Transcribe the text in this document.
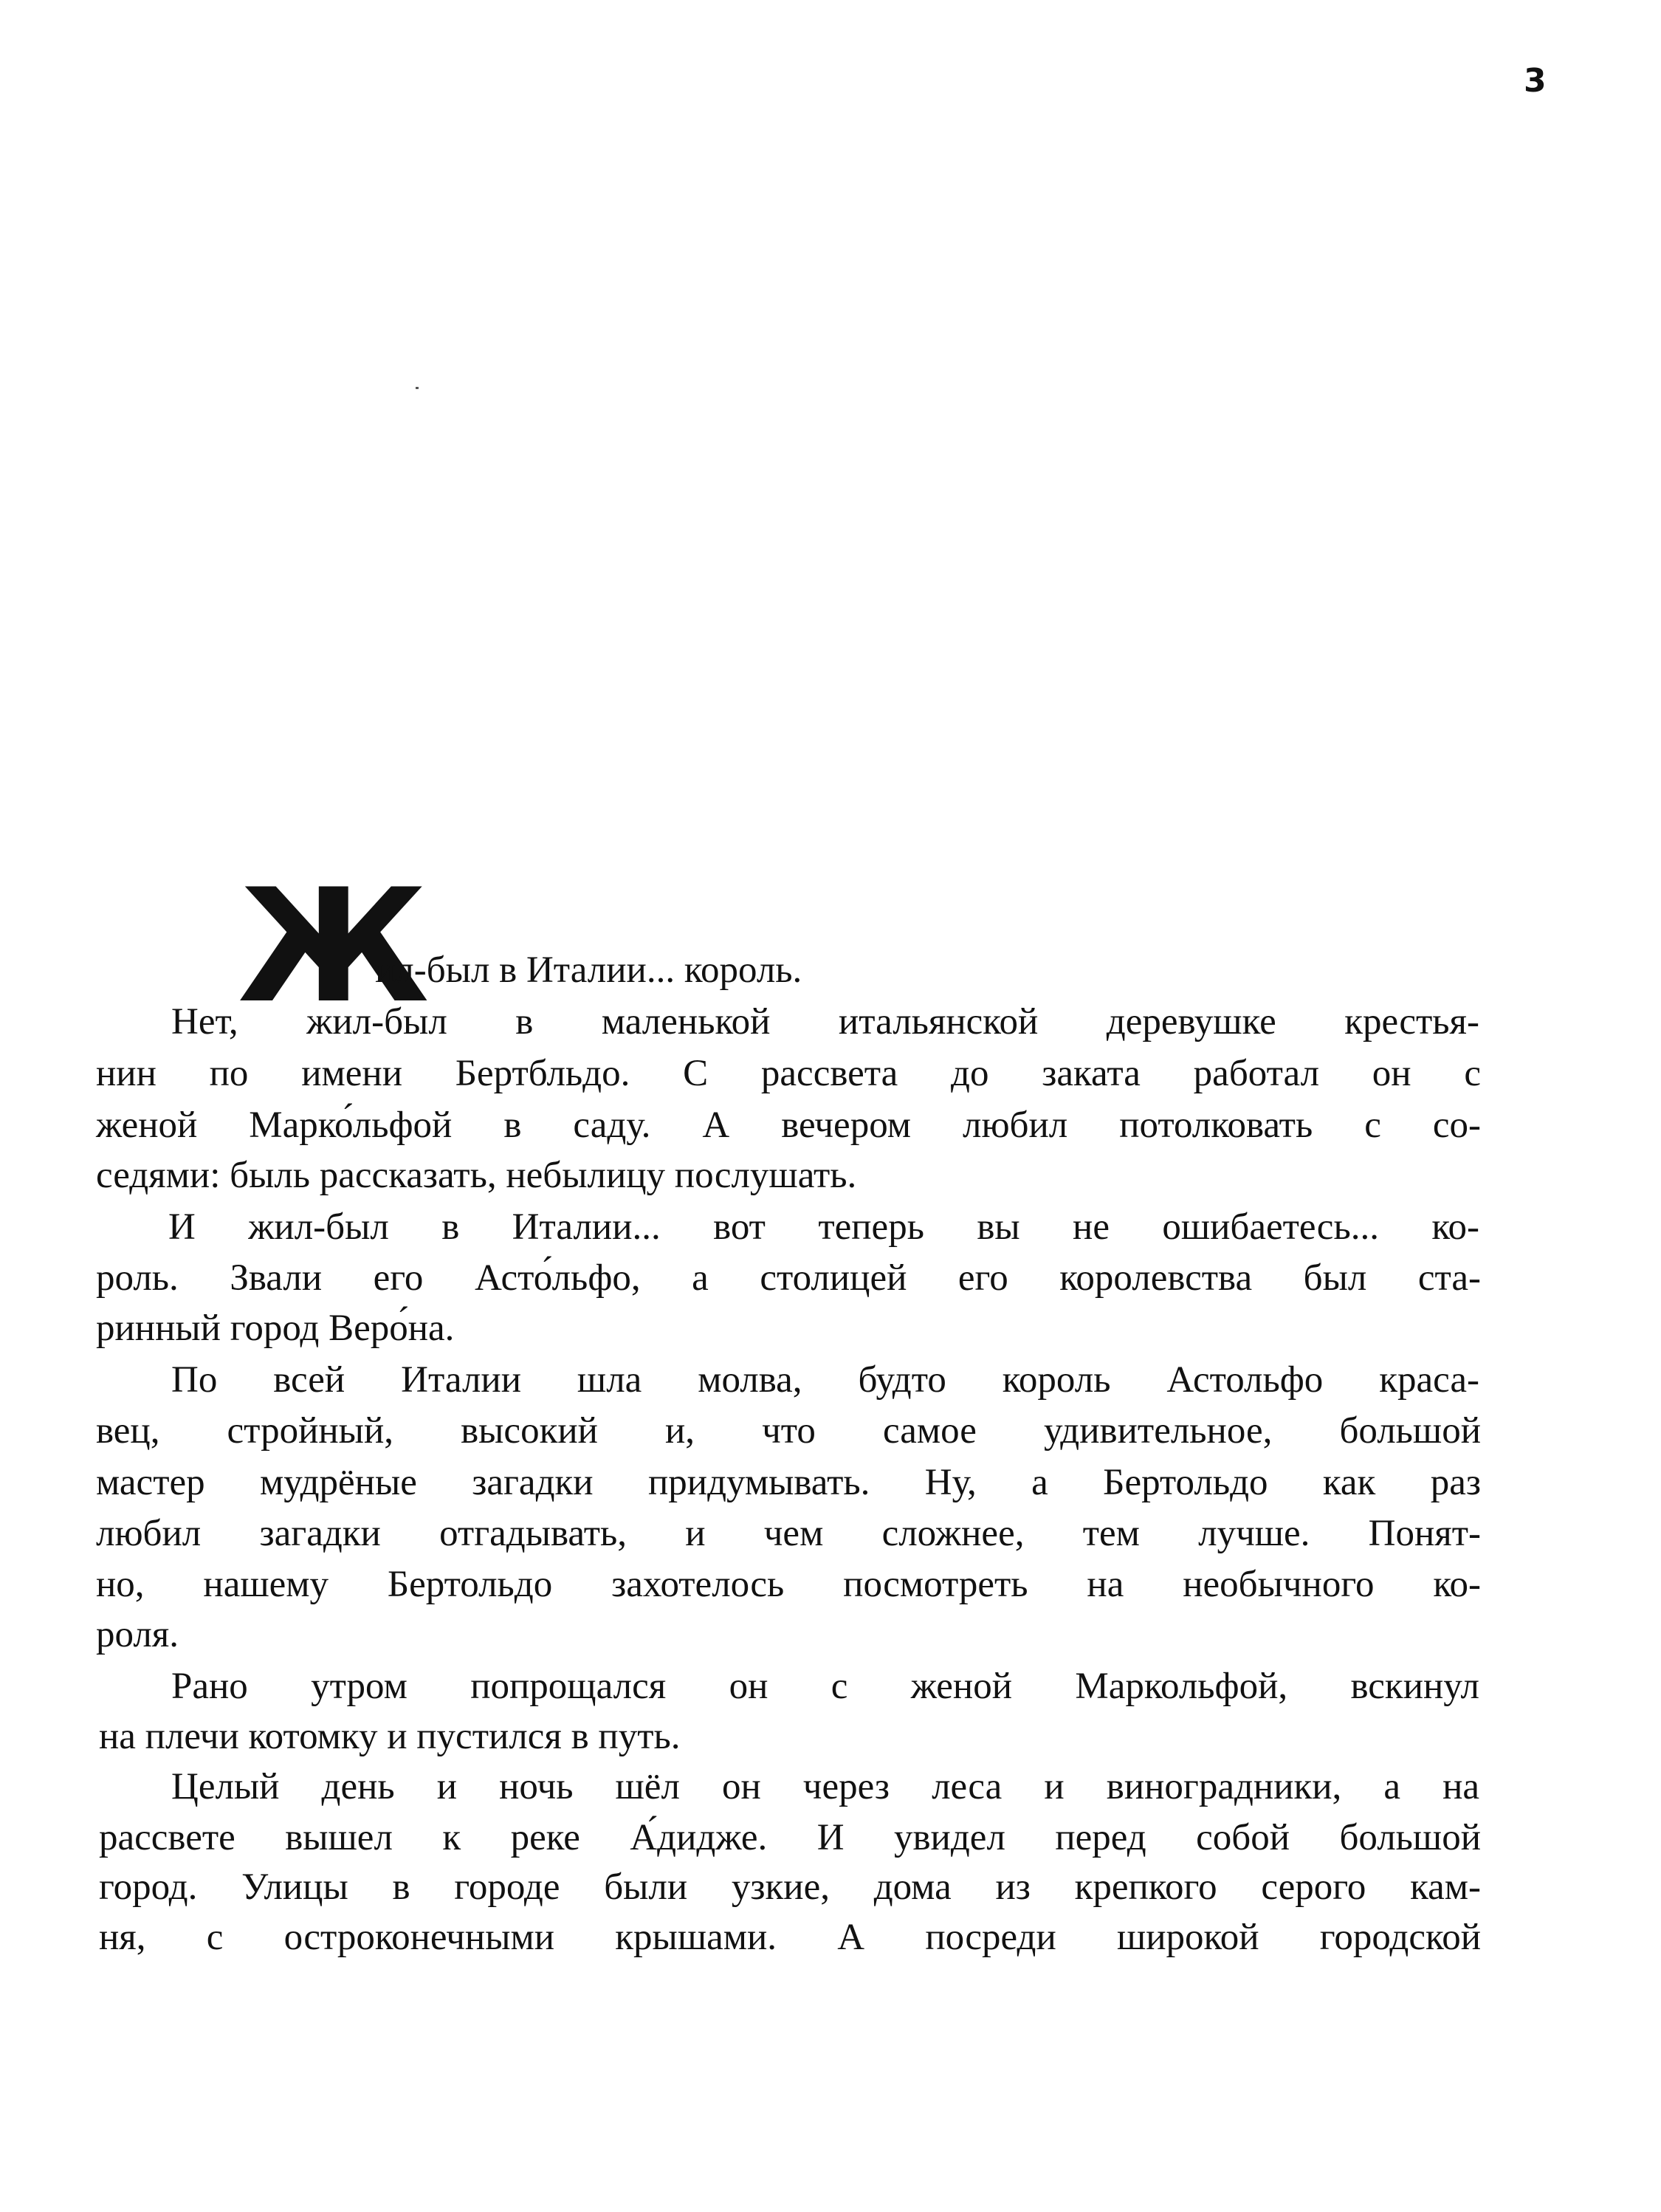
3
Ж
ил-был в Италии... король.
Нет, жил-был в маленькой итальянской деревушке крестья-
нин по имени Бертбльдо. С рассвета до заката работал он с
женой Марко́льфой в саду. А вечером любил потолковать с со-
седями: быль рассказать, небылицу послушать.
И жил-был в Италии... вот теперь вы не ошибаетесь... ко-
роль. Звали его Асто́льфо, а столицей его королевства был ста-
ринный город Веро́на.
По всей Италии шла молва, будто король Астольфо краса-
вец, стройный, высокий и, что самое удивительное, большой
мастер мудрёные загадки придумывать. Ну, а Бертольдо как раз
любил загадки отгадывать, и чем сложнее, тем лучше. Понят-
но, нашему Бертольдо захотелось посмотреть на необычного ко-
роля.
Рано утром попрощался он с женой Маркольфой, вскинул
на плечи котомку и пустился в путь.
Целый день и ночь шёл он через леса и виноградники, а на
рассвете вышел к реке А́дидже. И увидел перед собой большой
город. Улицы в городе были узкие, дома из крепкого серого кам-
ня, с остроконечными крышами. А посреди широкой городской
